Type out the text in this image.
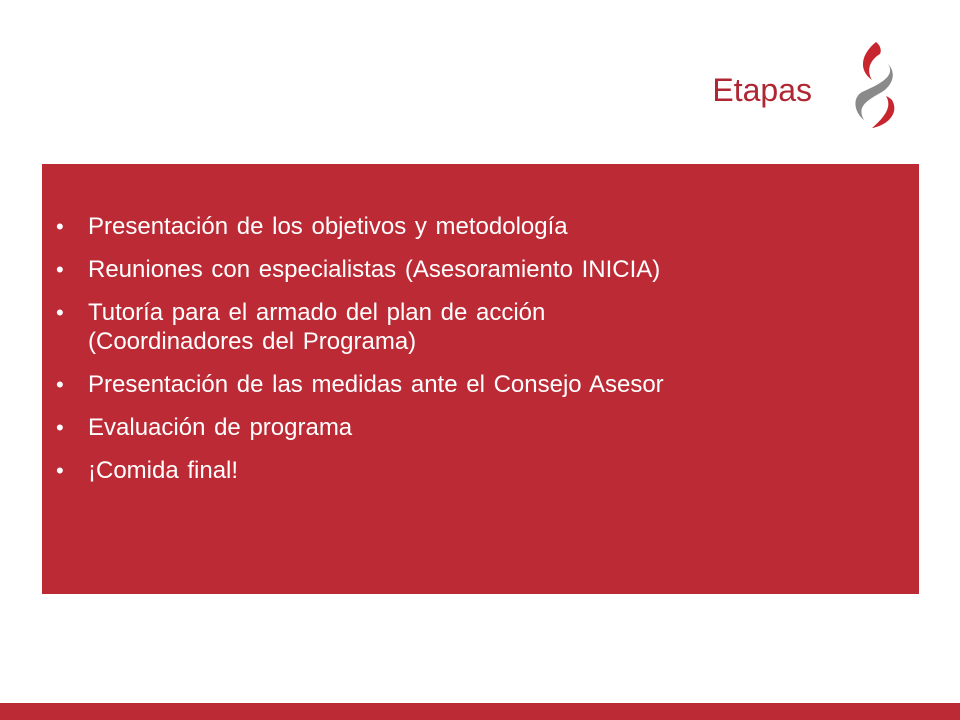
Etapas
• Presentación de los objetivos y metodología
• Reuniones con especialistas (Asesoramiento INICIA)
• Tutoría para el armado del plan de acción
(Coordinadores del Programa)
• Presentación de las medidas ante el Consejo Asesor
• Evaluación de programa
• ¡Comida final!
